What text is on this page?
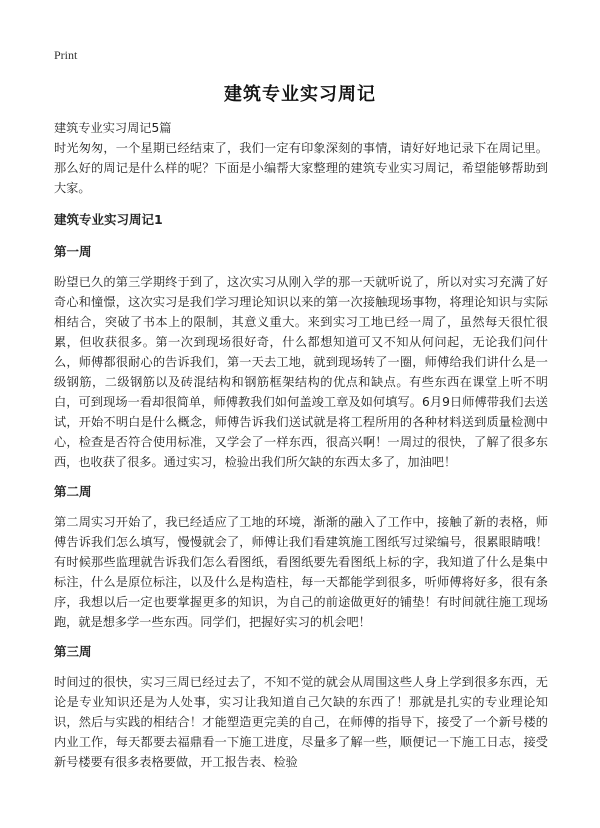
Print
建筑专业实习周记

建筑专业实习周记5篇

时光匆匆，一个星期已经结束了，我们一定有印象深刻的事情，请好好地记录下在周记里。那么好的周记是什么样的呢？下面是小编帮大家整理的建筑专业实习周记，希望能够帮助到大家。

建筑专业实习周记1
第一周

盼望已久的第三学期终于到了，这次实习从刚入学的那一天就听说了，所以对实习充满了好奇心和憧憬，这次实习是我们学习理论知识以来的第一次接触现场事物，将理论知识与实际相结合，突破了书本上的限制，其意义重大。来到实习工地已经一周了，虽然每天很忙很累，但收获很多。第一次到现场很好奇，什么都想知道可又不知从何问起，无论我们问什么，师傅都很耐心的告诉我们，第一天去工地，就到现场转了一圈，师傅给我们讲什么是一级钢筋，二级钢筋以及砖混结构和钢筋框架结构的优点和缺点。有些东西在课堂上听不明白，可到现场一看却很简单，师傅教我们如何盖竣工章及如何填写。6月9日师傅带我们去送试，开始不明白是什么概念，师傅告诉我们送试就是将工程所用的各种材料送到质量检测中心，检查是否符合使用标准，又学会了一样东西，很高兴啊！一周过的很快，了解了很多东西，也收获了很多。通过实习，检验出我们所欠缺的东西太多了，加油吧！

第二周

第二周实习开始了，我已经适应了工地的环境，渐渐的融入了工作中，接触了新的表格，师傅告诉我们怎么填写，慢慢就会了，师傅让我们看建筑施工图纸写过梁编号，很累眼睛哦！有时候那些监理就告诉我们怎么看图纸，看图纸要先看图纸上标的字，我知道了什么是集中标注，什么是原位标注，以及什么是构造柱，每一天都能学到很多，听师傅将好多，很有条序，我想以后一定也要掌握更多的知识，为自己的前途做更好的铺垫！有时间就往施工现场跑，就是想多学一些东西。同学们，把握好实习的机会吧！

第三周

时间过的很快，实习三周已经过去了，不知不觉的就会从周围这些人身上学到很多东西，无论是专业知识还是为人处事，实习让我知道自己欠缺的东西了！那就是扎实的专业理论知识，然后与实践的相结合！才能塑造更完美的自己，在师傅的指导下，接受了一个新号楼的内业工作，每天都要去福鼎看一下施工进度，尽量多了解一些，顺便记一下施工日志，接受新号楼要有很多表格要做，开工报告表、检验
